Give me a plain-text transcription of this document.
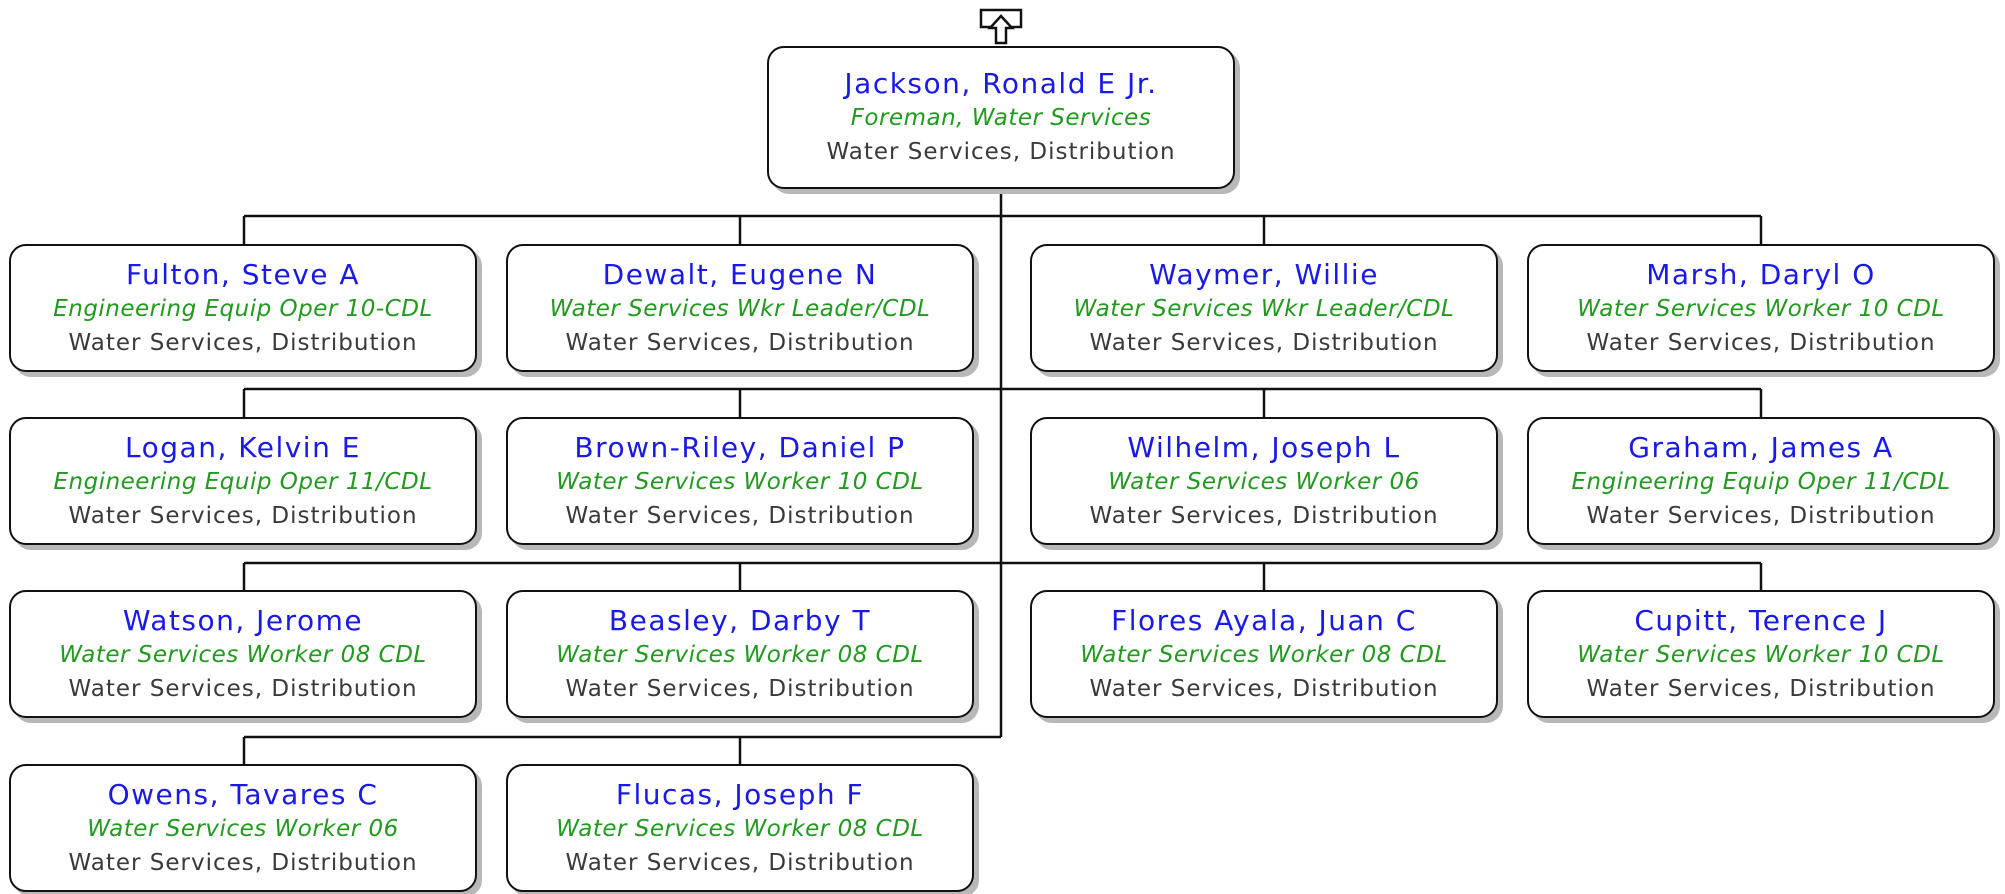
Jackson, Ronald E Jr.
Foreman, Water Services
Water Services, Distribution
Fulton, Steve A
Engineering Equip Oper 10-CDL
Water Services, Distribution
Dewalt, Eugene N
Water Services Wkr Leader/CDL
Water Services, Distribution
Waymer, Willie
Water Services Wkr Leader/CDL
Water Services, Distribution
Marsh, Daryl O
Water Services Worker 10 CDL
Water Services, Distribution
Logan, Kelvin E
Engineering Equip Oper 11/CDL
Water Services, Distribution
Brown-Riley, Daniel P
Water Services Worker 10 CDL
Water Services, Distribution
Wilhelm, Joseph L
Water Services Worker 06
Water Services, Distribution
Graham, James A
Engineering Equip Oper 11/CDL
Water Services, Distribution
Watson, Jerome
Water Services Worker 08 CDL
Water Services, Distribution
Beasley, Darby T
Water Services Worker 08 CDL
Water Services, Distribution
Flores Ayala, Juan C
Water Services Worker 08 CDL
Water Services, Distribution
Cupitt, Terence J
Water Services Worker 10 CDL
Water Services, Distribution
Owens, Tavares C
Water Services Worker 06
Water Services, Distribution
Flucas, Joseph F
Water Services Worker 08 CDL
Water Services, Distribution
